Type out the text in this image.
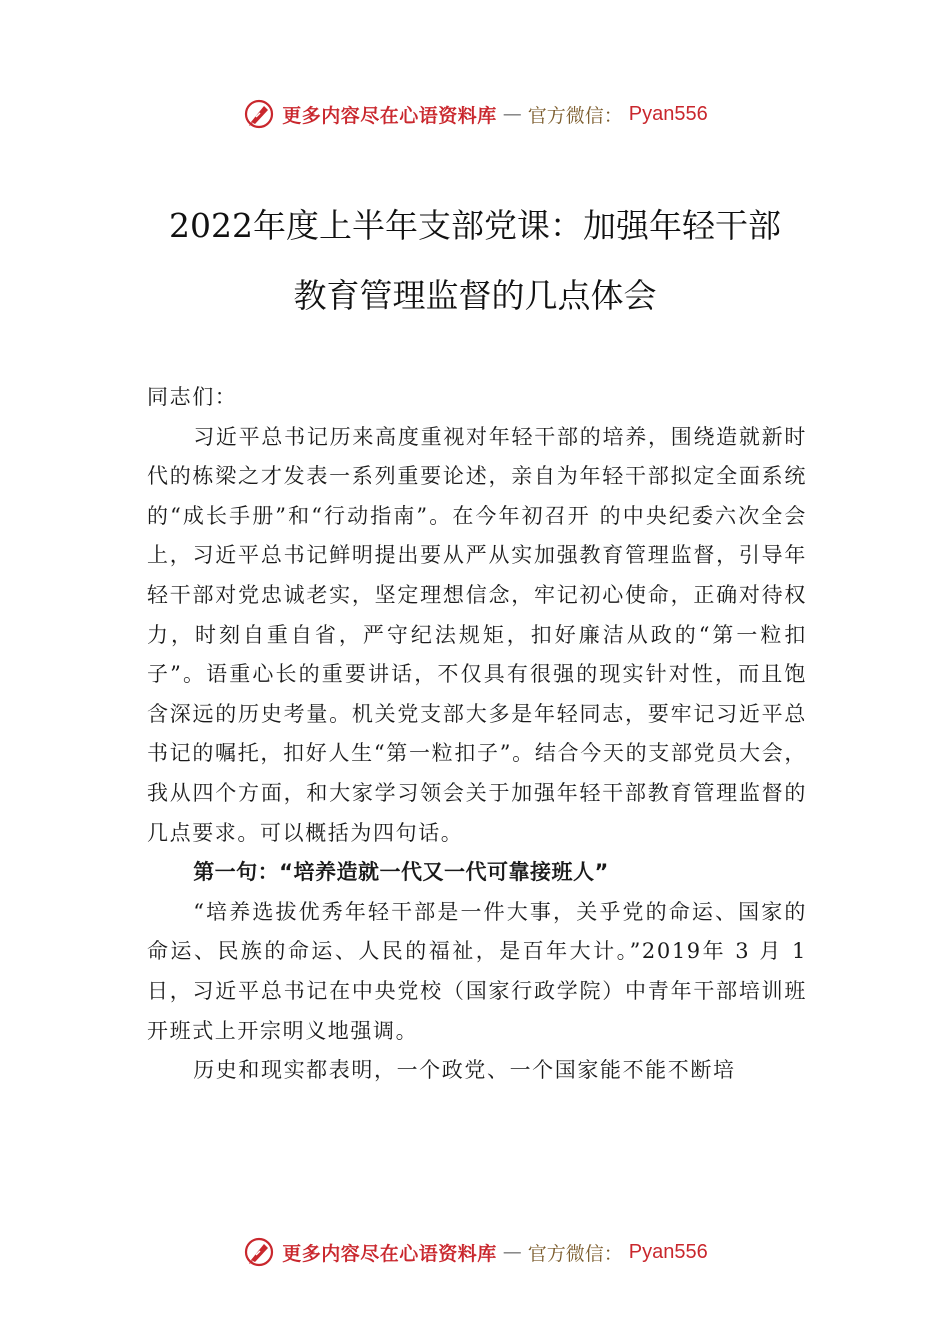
更多内容尽在心语资料库 — 官方微信： Pyan556
2022年度上半年支部党课：加强年轻干部
教育管理监督的几点体会

同志们：

习近平总书记历来高度重视对年轻干部的培养，围绕造就新时代的栋梁之才发表一系列重要论述，亲自为年轻干部拟定全面系统的“成长手册”和“行动指南”。在今年初召开 的中央纪委六次全会上，习近平总书记鲜明提出要从严从实加强教育管理监督，引导年轻干部对党忠诚老实，坚定理想信念，牢记初心使命，正确对待权力，时刻自重自省，严守纪法规矩，扣好廉洁从政的“第一粒扣子”。语重心长的重要讲话，不仅具有很强的现实针对性，而且饱含深远的历史考量。机关党支部大多是年轻同志，要牢记习近平总书记的嘱托，扣好人生“第一粒扣子”。结合今天的支部党员大会，我从四个方面，和大家学习领会关于加强年轻干部教育管理监督的几点要求。可以概括为四句话。

第一句：“培养造就一代又一代可靠接班人”

“培养选拔优秀年轻干部是一件大事，关乎党的命运、国家的命运、民族的命运、人民的福祉，是百年大计。”2019年 3 月 1 日，习近平总书记在中央党校（国家行政学院）中青年干部培训班开班式上开宗明义地强调。

历史和现实都表明，一个政党、一个国家能不能不断培

更多内容尽在心语资料库 — 官方微信： Pyan556
